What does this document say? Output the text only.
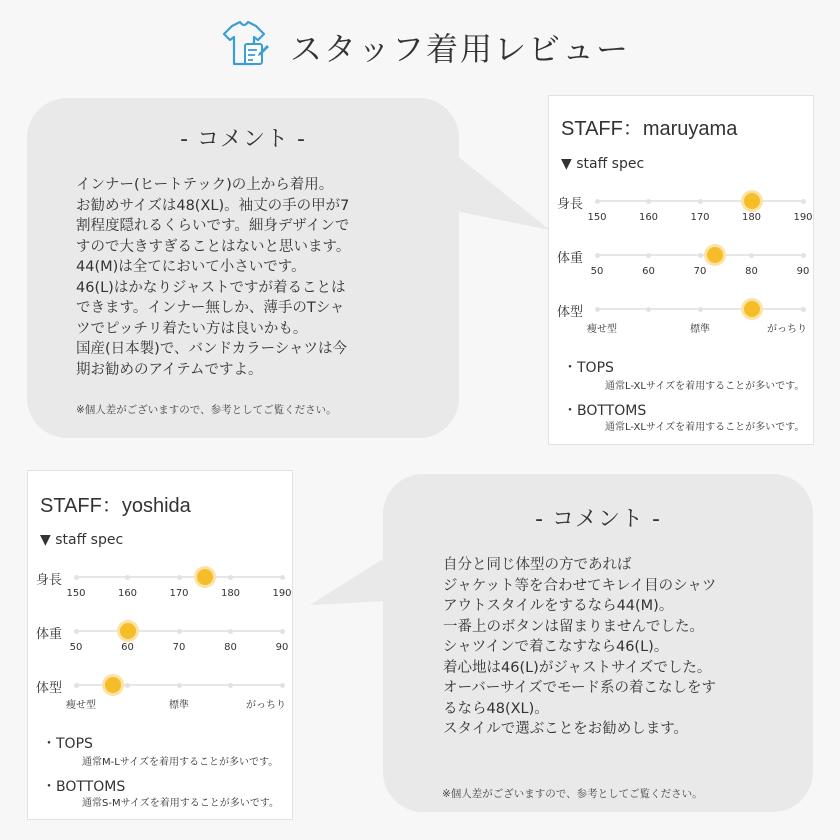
スタッフ着用レビュー
- コメント -
インナー(ヒートテック)の上から着用。
お勧めサイズは48(XL)。袖丈の手の甲が7
割程度隠れるくらいです。細身デザインで
すので大きすぎることはないと思います。
44(M)は全てにおいて小さいです。
46(L)はかなりジャストですが着ることは
できます。インナー無しか、薄手のTシャ
ツでピッチリ着たい方は良いかも。
国産(日本製)で、バンドカラーシャツは今
期お勧めのアイテムですよ。
※個人差がございますので、参考としてご覧ください。
STAFF：maruyama
▼ staff spec
身長
150	160	170	180	190
体重
50	60	70	80	90
体型
痩せ型	標準	がっちり
・TOPS
通常L-XLサイズを着用することが多いです。
・BOTTOMS
通常L-XLサイズを着用することが多いです。
STAFF：yoshida
▼ staff spec
身長
150	160	170	180	190
体重
50	60	70	80	90
体型
痩せ型	標準	がっちり
・TOPS
通常M-Lサイズを着用することが多いです。
・BOTTOMS
通常S-Mサイズを着用することが多いです。
- コメント -
自分と同じ体型の方であれば
ジャケット等を合わせてキレイ目のシャツ
アウトスタイルをするなら44(M)。
一番上のボタンは留まりませんでした。
シャツインで着こなすなら46(L)。
着心地は46(L)がジャストサイズでした。
オーバーサイズでモード系の着こなしをす
るなら48(XL)。
スタイルで選ぶことをお勧めします。
※個人差がございますので、参考としてご覧ください。
